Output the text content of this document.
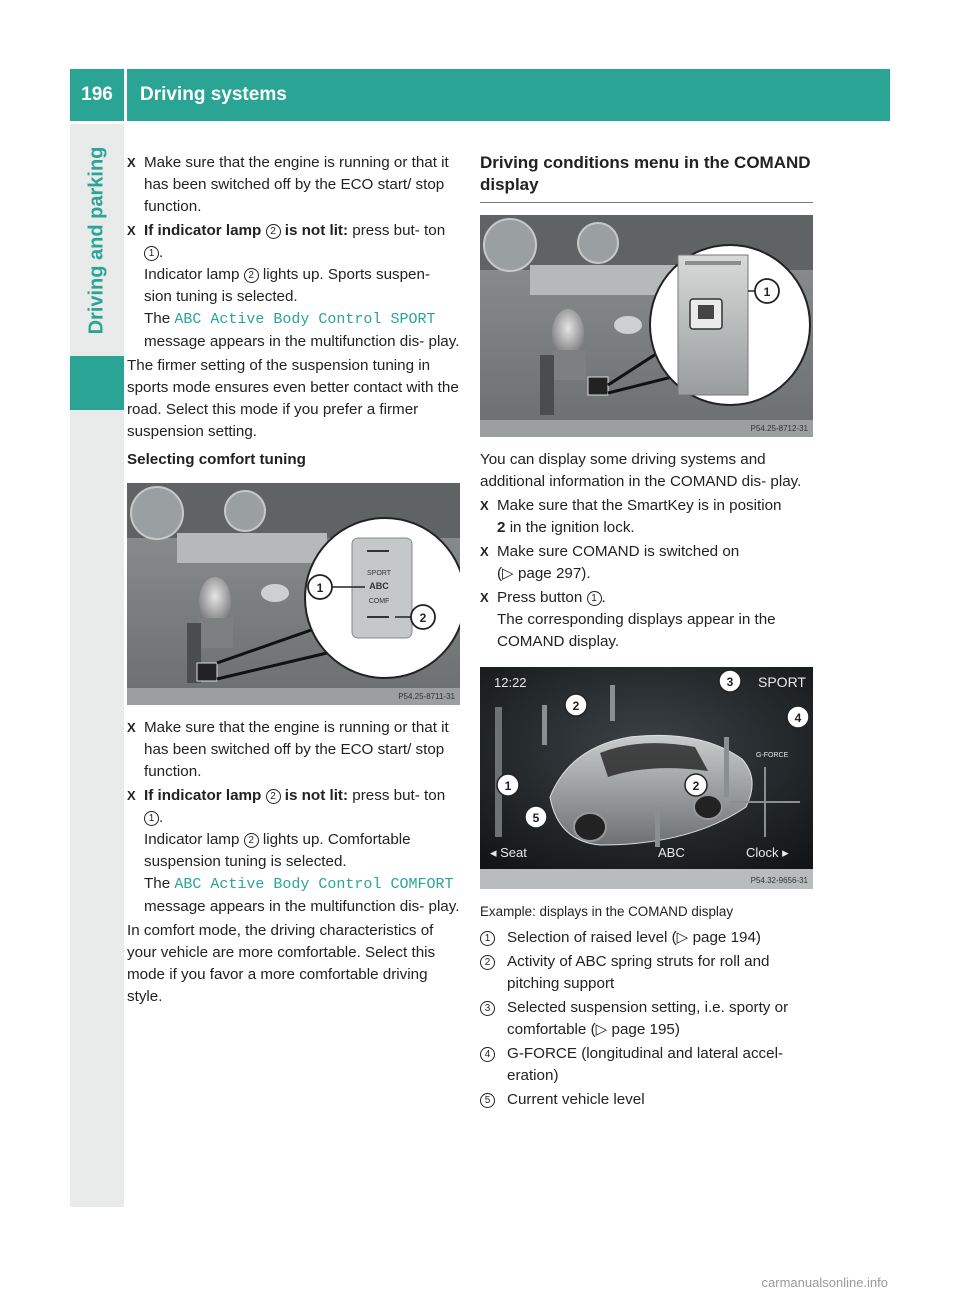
196	Driving systems
Driving and parking X Make sure that the engine is running or that it has been switched off by the ECO start/ stop function.
X If indicator lamp 2 is not lit: press but- ton 1 .
Indicator lamp 2 lights up. Sports suspen- sion tuning is selected.
The ABC Active Body Control SPORT
message appears in the multifunction dis- play.
The firmer setting of the suspension tuning in sports mode ensures even better contact with the road. Select this mode if you prefer a firmer suspension setting.
Selecting comfort tuning
SPORT
ABC
COMF
1
2
P54.25-8711-31
X Make sure that the engine is running or that it has been switched off by the ECO start/ stop function.
X If indicator lamp 2 is not lit: press but- ton 1 .
Indicator lamp 2 lights up. Comfortable suspension tuning is selected.
The ABC Active Body Control COMFORT
message appears in the multifunction dis- play.
In comfort mode, the driving characteristics of your vehicle are more comfortable. Select this mode if you favor a more comfortable driving style.
Driving conditions menu in the COMAND display
1
P54.25-8712-31
You can display some driving systems and additional information in the COMAND dis- play.
X Make sure that the SmartKey is in position
2 in the ignition lock.
X Make sure COMAND is switched on
(▷ page 297).
X Press button 1 .
The corresponding displays appear in the COMAND display.
12:22	SPORT
G-FORCE
◂ Seat	ABC	Clock ▸
1
2
2
3
4
5
P54.32-9656-31
Example: displays in the COMAND display
1	Selection of raised level (▷ page 194)
2	Activity of ABC spring struts for roll and pitching support
3	Selected suspension setting, i.e. sporty or comfortable (▷ page 195)
4	G-FORCE (longitudinal and lateral accel- eration)
5	Current vehicle level
carmanualsonline.info
